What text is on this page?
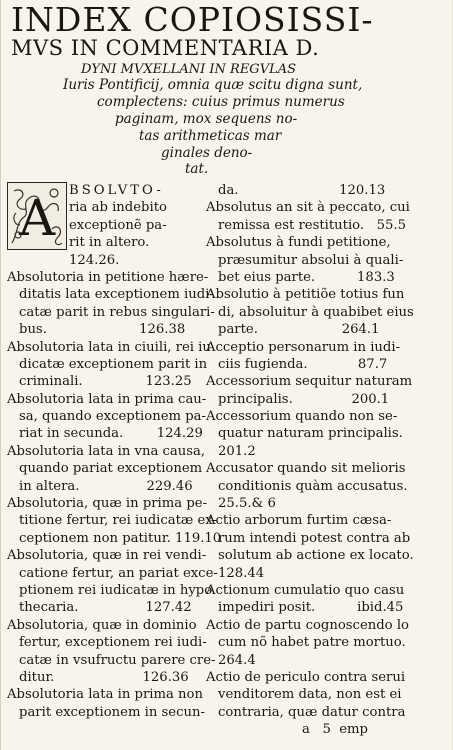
INDEX COPIOSISSI-
MVS IN COMMENTARIA D.
DYNI MVXELLANI IN REGVLAS
Iuris Pontificij, omnia quæ scitu digna sunt,
complectens: cuius primus numerus
paginam, mox sequens no-
tas arithmeticas mar
ginales deno-
tat.
A	BSOLVTO-
ria ab indebito
exceptionẽ pa-
rit in altero.
124.26.
Absolutoria in petitione hære-
ditatis lata exceptionem iudi-
catæ parit in rebus singulari-
bus.                      126.38
Absolutoria lata in ciuili, rei iu
dicatæ exceptionem parit in
criminali.               123.25
Absolutoria lata in prima cau-
sa, quando exceptionem pa-
riat in secunda.        124.29
Absolutoria lata in vna causa,
quando pariat exceptionem
in altera.                229.46
Absolutoria, quæ in prima pe-
titione fertur, rei iudicatæ ex-
ceptionem non patitur. 119.10
Absolutoria, quæ in rei vendi-
catione fertur, an pariat exce-
ptionem rei iudicatæ in hypo
thecaria.                127.42
Absolutoria, quæ in dominio
fertur, exceptionem rei iudi-
catæ in vsufructu parere cre-
ditur.                     126.36
Absolutoria lata in prima non
parit exceptionem in secun-
da.                        120.13
Absolutus an sit à peccato, cui
remissa est restitutio.   55.5
Absolutus à fundi petitione,
præsumitur absolui à quali-
bet eius parte.          183.3
Absolutio à petitiõe totius fun
di, absoluitur à quabibet eius
parte.                    264.1
Acceptio personarum in iudi-
ciis fugienda.            87.7
Accessorium sequitur naturam
principalis.              200.1
Accessorium quando non se-
quatur naturam principalis.
201.2
Accusator quando sit melioris
conditionis quàm accusatus.
25.5.& 6
Actio arborum furtim cæsa-
rum intendi potest contra ab
solutum ab actione ex locato.
128.44
Actionum cumulatio quo casu
impediri posit.          ibid.45
Actio de partu cognoscendo lo
cum nõ habet patre mortuo.
264.4
Actio de periculo contra serui
venditorem data, non est ei
contraria, quæ datur contra
a   5  emp
